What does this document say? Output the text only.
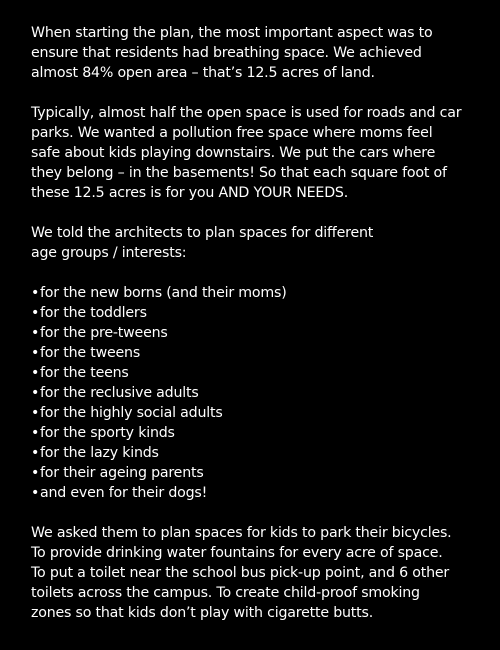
When starting the plan, the most important aspect was to
ensure that residents had breathing space. We achieved
almost 84% open area – that’s 12.5 acres of land.

Typically, almost half the open space is used for roads and car
parks. We wanted a pollution free space where moms feel
safe about kids playing downstairs. We put the cars where
they belong – in the basements! So that each square foot of
these 12.5 acres is for you AND YOUR NEEDS.

We told the architects to plan spaces for different
age groups / interests:

•for the new borns (and their moms)
•for the toddlers
•for the pre-tweens
•for the tweens
•for the teens
•for the reclusive adults
•for the highly social adults
•for the sporty kinds
•for the lazy kinds
•for their ageing parents
•and even for their dogs!

We asked them to plan spaces for kids to park their bicycles.
To provide drinking water fountains for every acre of space.
To put a toilet near the school bus pick-up point, and 6 other
toilets across the campus. To create child-proof smoking
zones so that kids don’t play with cigarette butts.
